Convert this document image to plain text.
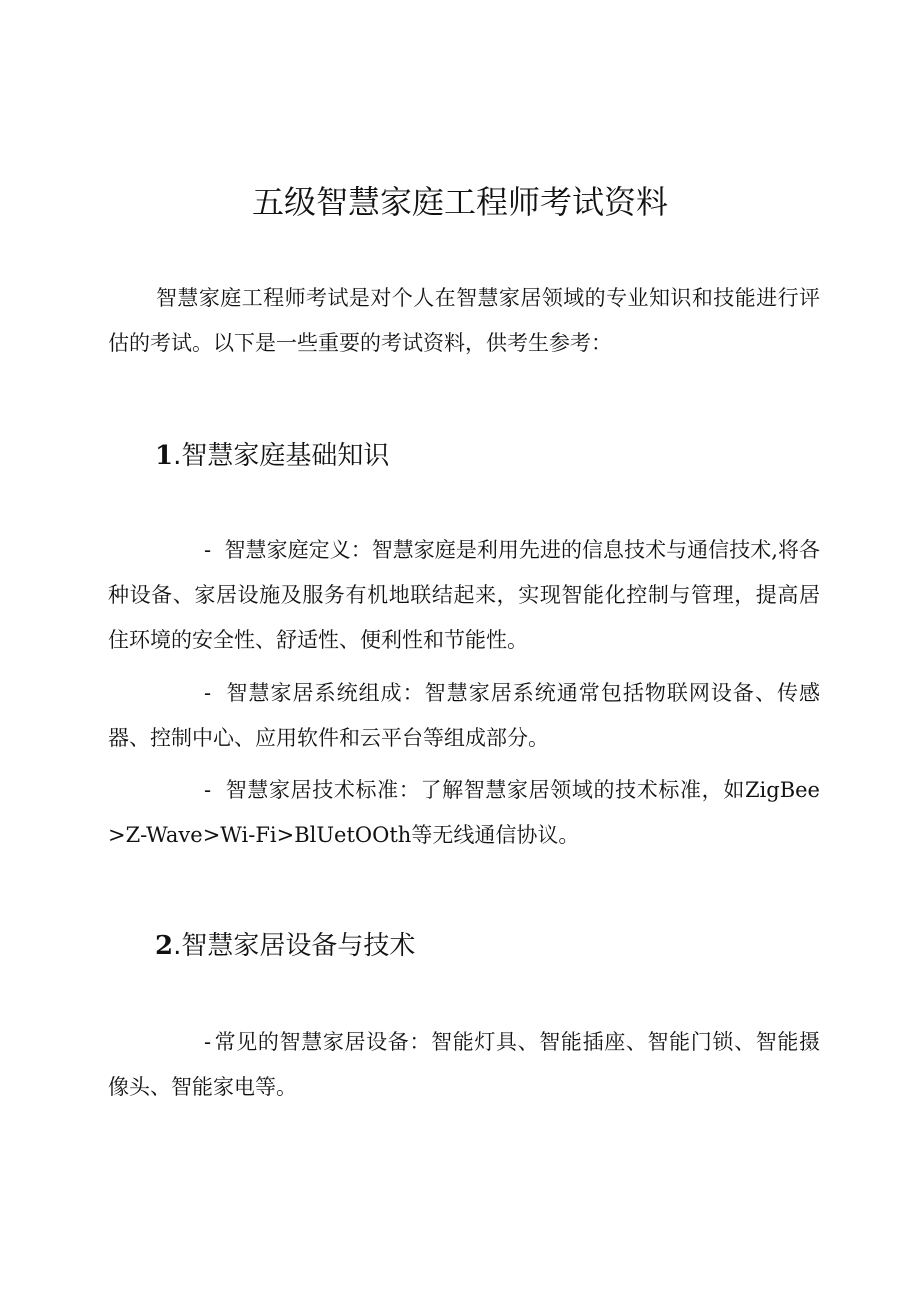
五级智慧家庭工程师考试资料

智慧家庭工程师考试是对个人在智慧家居领域的专业知识和技能进行评估的考试。以下是一些重要的考试资料，供考生参考：

1.智慧家庭基础知识

- 智慧家庭定义：智慧家庭是利用先进的信息技术与通信技术,将各种设备、家居设施及服务有机地联结起来，实现智能化控制与管理，提高居住环境的安全性、舒适性、便利性和节能性。

- 智慧家居系统组成：智慧家居系统通常包括物联网设备、传感器、控制中心、应用软件和云平台等组成部分。

- 智慧家居技术标准：了解智慧家居领域的技术标准，如ZigBee>Z-Wave>Wi-Fi>BlUetOOth等无线通信协议。

2.智慧家居设备与技术

- 常见的智慧家居设备：智能灯具、智能插座、智能门锁、智能摄像头、智能家电等。
